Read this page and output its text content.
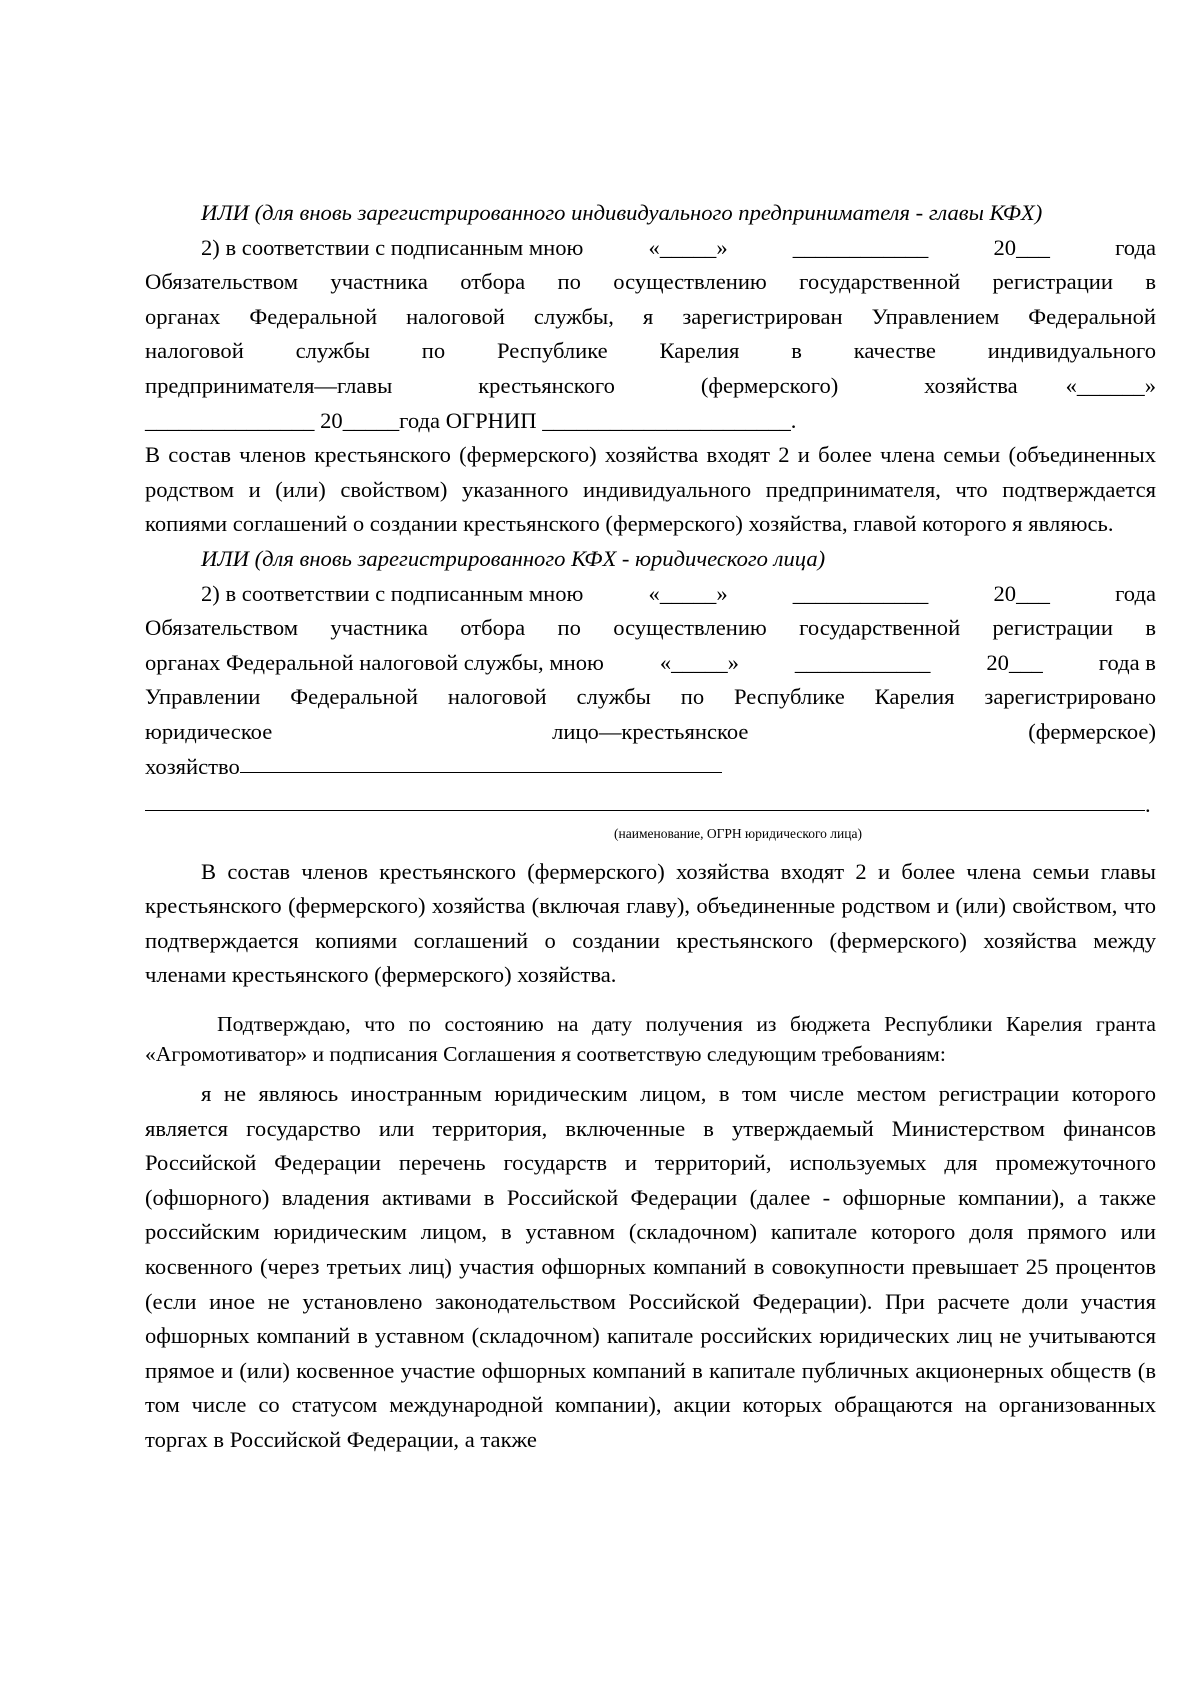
ИЛИ (для вновь зарегистрированного индивидуального предпринимателя - главы КФХ)

2) в соответствии с подписанным мною	«_____»	____________	20___	года

Обязательством участника отбора по осуществлению государственной регистрации в

органах Федеральной налоговой службы, я зарегистрирован Управлением Федеральной

налоговой службы по Республике Карелия в качестве индивидуального

предпринимателя—главы крестьянского (фермерского) хозяйства «______»

_______________ 20_____года ОГРНИП ______________________.

В состав членов крестьянского (фермерского) хозяйства входят 2 и более члена семьи (объединенных родством и (или) свойством) указанного индивидуального предпринимателя, что подтверждается копиями соглашений о создании крестьянского (фермерского) хозяйства, главой которого я являюсь.

ИЛИ (для вновь зарегистрированного КФХ - юридического лица)

2) в соответствии с подписанным мною	«_____»	____________	20___	года

Обязательством участника отбора по осуществлению государственной регистрации в

органах Федеральной налоговой службы, мною «_____» ____________ 20___ года в

Управлении Федеральной налоговой службы по Республике Карелия зарегистрировано

юридическое	лицо—крестьянское	(фермерское)
хозяйство
.
(наименование, ОГРН юридического лица)

В состав членов крестьянского (фермерского) хозяйства входят 2 и более члена семьи главы крестьянского (фермерского) хозяйства (включая главу), объединенные родством и (или) свойством, что подтверждается копиями соглашений о создании крестьянского (фермерского) хозяйства между членами крестьянского (фермерского) хозяйства.

Подтверждаю, что по состоянию на дату получения из бюджета Республики Карелия гранта «Агромотиватор» и подписания Соглашения я соответствую следующим требованиям:

я не являюсь иностранным юридическим лицом, в том числе местом регистрации которого является государство или территория, включенные в утверждаемый Министерством финансов Российской Федерации перечень государств и территорий, используемых для промежуточного (офшорного) владения активами в Российской Федерации (далее - офшорные компании), а также российским юридическим лицом, в уставном (складочном) капитале которого доля прямого или косвенного (через третьих лиц) участия офшорных компаний в совокупности превышает 25 процентов (если иное не установлено законодательством Российской Федерации). При расчете доли участия офшорных компаний в уставном (складочном) капитале российских юридических лиц не учитываются прямое и (или) косвенное участие офшорных компаний в капитале публичных акционерных обществ (в том числе со статусом международной компании), акции которых обращаются на организованных торгах в Российской Федерации, а также
